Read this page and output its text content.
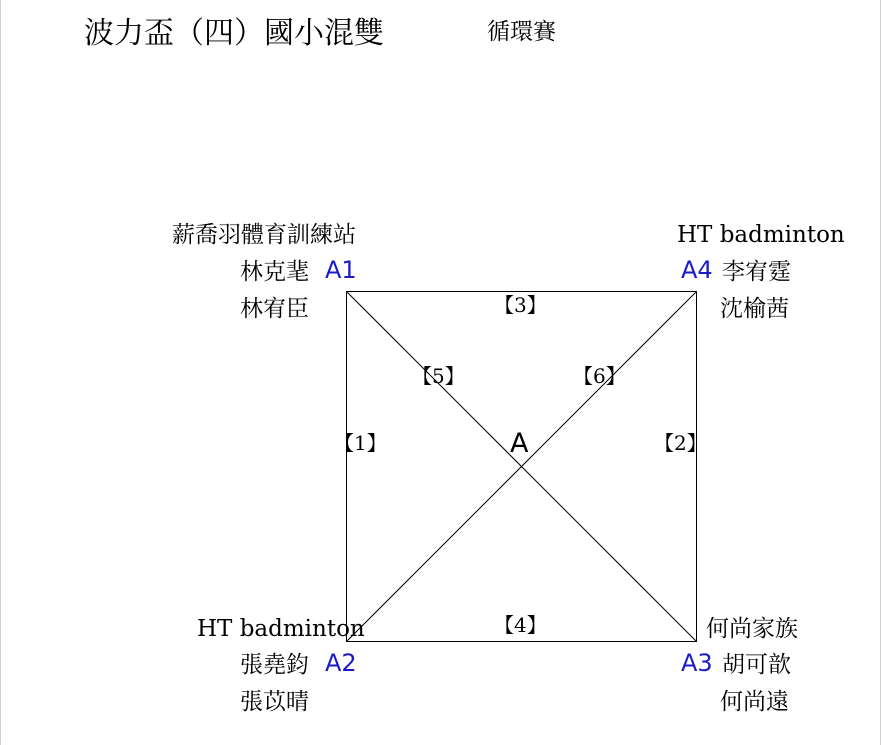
波力盃（四）國小混雙	循環賽
薪喬羽體育訓練站
林克靟 A1
林宥臣
HT badminton
A4 李宥霆
沈榆茜
HT badminton
張堯鈞 A2
張苡晴
何尚家族
A3 胡可歆
何尚遠
【1】	【2】
【3】
【4】
【5】	【6】
A
